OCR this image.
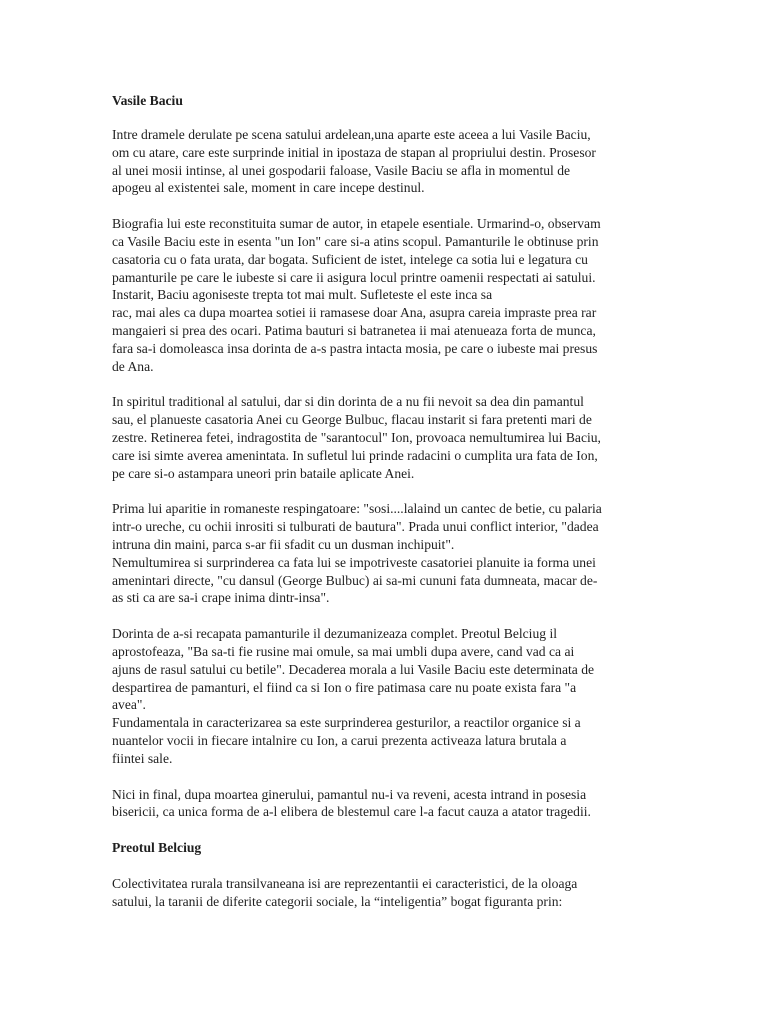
Vasile Baciu

Intre dramele derulate pe scena satului ardelean,una aparte este aceea a lui Vasile Baciu,
om cu atare, care este surprinde initial in ipostaza de stapan al propriului destin. Prosesor
al unei mosii intinse, al unei gospodarii faloase, Vasile Baciu se afla in momentul de
apogeu al existentei sale, moment in care incepe destinul.

Biografia lui este reconstituita sumar de autor, in etapele esentiale. Urmarind-o, observam
ca Vasile Baciu este in esenta "un Ion" care si-a atins scopul. Pamanturile le obtinuse prin
casatoria cu o fata urata, dar bogata. Suficient de istet, intelege ca sotia lui e legatura cu
pamanturile pe care le iubeste si care ii asigura locul printre oamenii respectati ai satului.
Instarit, Baciu agoniseste trepta tot mai mult. Sufleteste el este inca sa
rac, mai ales ca dupa moartea sotiei ii ramasese doar Ana, asupra careia impraste prea rar
mangaieri si prea des ocari. Patima bauturi si batranetea ii mai atenueaza forta de munca,
fara sa-i domoleasca insa dorinta de a-s pastra intacta mosia, pe care o iubeste mai presus
de Ana.

In spiritul traditional al satului, dar si din dorinta de a nu fii nevoit sa dea din pamantul
sau, el planueste casatoria Anei cu George Bulbuc, flacau instarit si fara pretenti mari de
zestre. Retinerea fetei, indragostita de "sarantocul" Ion, provoaca nemultumirea lui Baciu,
care isi simte averea amenintata. In sufletul lui prinde radacini o cumplita ura fata de Ion,
pe care si-o astampara uneori prin bataile aplicate Anei.

Prima lui aparitie in romaneste respingatoare: "sosi....lalaind un cantec de betie, cu palaria
intr-o ureche, cu ochii inrositi si tulburati de bautura". Prada unui conflict interior, "dadea
intruna din maini, parca s-ar fii sfadit cu un dusman inchipuit".
Nemultumirea si surprinderea ca fata lui se impotriveste casatoriei planuite ia forma unei
amenintari directe, "cu dansul (George Bulbuc) ai sa-mi cununi fata dumneata, macar de-
as sti ca are sa-i crape inima dintr-insa".

Dorinta de a-si recapata pamanturile il dezumanizeaza complet. Preotul Belciug il
aprostofeaza, "Ba sa-ti fie rusine mai omule, sa mai umbli dupa avere, cand vad ca ai
ajuns de rasul satului cu betile". Decaderea morala a lui Vasile Baciu este determinata de
despartirea de pamanturi, el fiind ca si Ion o fire patimasa care nu poate exista fara "a
avea".
Fundamentala in caracterizarea sa este surprinderea gesturilor, a reactilor organice si a
nuantelor vocii in fiecare intalnire cu Ion, a carui prezenta activeaza latura brutala a
fiintei sale.

Nici in final, dupa moartea ginerului, pamantul nu-i va reveni, acesta intrand in posesia
bisericii, ca unica forma de a-l elibera de blestemul care l-a facut cauza a atator tragedii.

Preotul Belciug

Colectivitatea rurala transilvaneana isi are reprezentantii ei caracteristici, de la oloaga
satului, la taranii de diferite categorii sociale, la “inteligentia” bogat figuranta prin:
